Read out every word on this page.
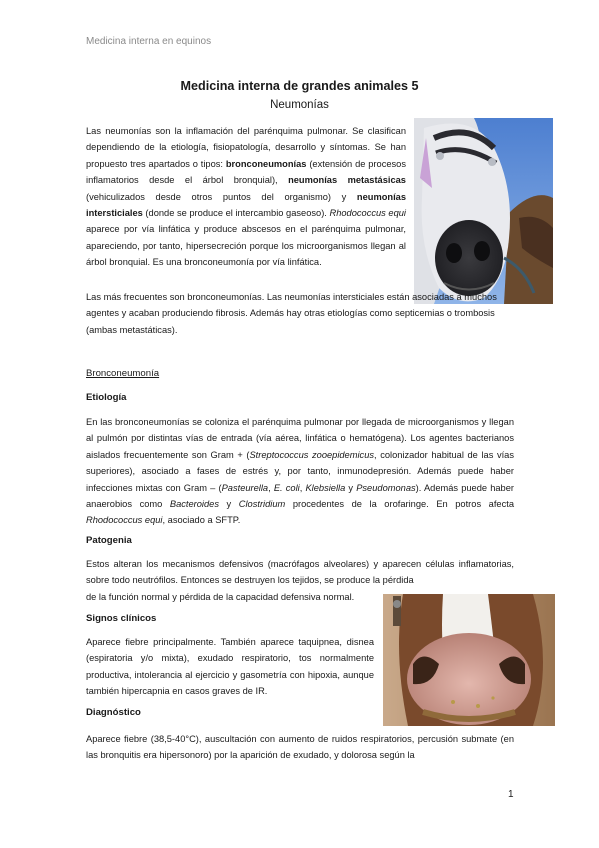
Medicina interna en equinos
Medicina interna de grandes animales 5
Neumonías

Las neumonías son la inflamación del parénquima pulmonar. Se clasifican dependiendo de la etiología, fisiopatología, desarrollo y síntomas. Se han propuesto tres apartados o tipos: bronconeumonías (extensión de procesos inflamatorios desde el árbol bronquial), neumonías metastásicas (vehiculizados desde otros puntos del organismo) y neumonías intersticiales (donde se produce el intercambio gaseoso). Rhodococcus equi aparece por vía linfática y produce abscesos en el parénquima pulmonar, apareciendo, por tanto, hipersecreción porque los microorganismos llegan al árbol bronquial. Es una bronconeumonía por vía linfática.

Las más frecuentes son bronconeumonías. Las neumonías intersticiales están asociadas a muchos agentes y acaban produciendo fibrosis. Además hay otras etiologías como septicemias o trombosis (ambas metastáticas).

Bronconeumonía
Etiología

En las bronconeumonías se coloniza el parénquima pulmonar por llegada de microorganismos y llegan al pulmón por distintas vías de entrada (vía aérea, linfática o hematógena). Los agentes bacterianos aislados frecuentemente son Gram + (Streptococcus zooepidemicus, colonizador habitual de las vías superiores), asociado a fases de estrés y, por tanto, inmunodepresión. Además puede haber infecciones mixtas con Gram – (Pasteurella, E. coli, Klebsiella y Pseudomonas). Además puede haber anaerobios como Bacteroides y Clostridium procedentes de la orofaringe. En potros afecta Rhodococcus equi, asociado a SFTP.

Patogenia

Estos alteran los mecanismos defensivos (macrófagos alveolares) y aparecen células inflamatorias, sobre todo neutrófilos. Entonces se destruyen los tejidos, se produce la pérdida

de la función normal y pérdida de la capacidad defensiva normal.

Signos clínicos

Aparece fiebre principalmente. También aparece taquipnea, disnea (espiratoria y/o mixta), exudado respiratorio, tos normalmente productiva, intolerancia al ejercicio y gasometría con hipoxia, aunque también hipercapnia en casos graves de IR.

Diagnóstico

Aparece fiebre (38,5-40°C), auscultación con aumento de ruidos respiratorios, percusión submate (en las bronquitis era hipersonoro) por la aparición de exudado, y dolorosa según la

1
